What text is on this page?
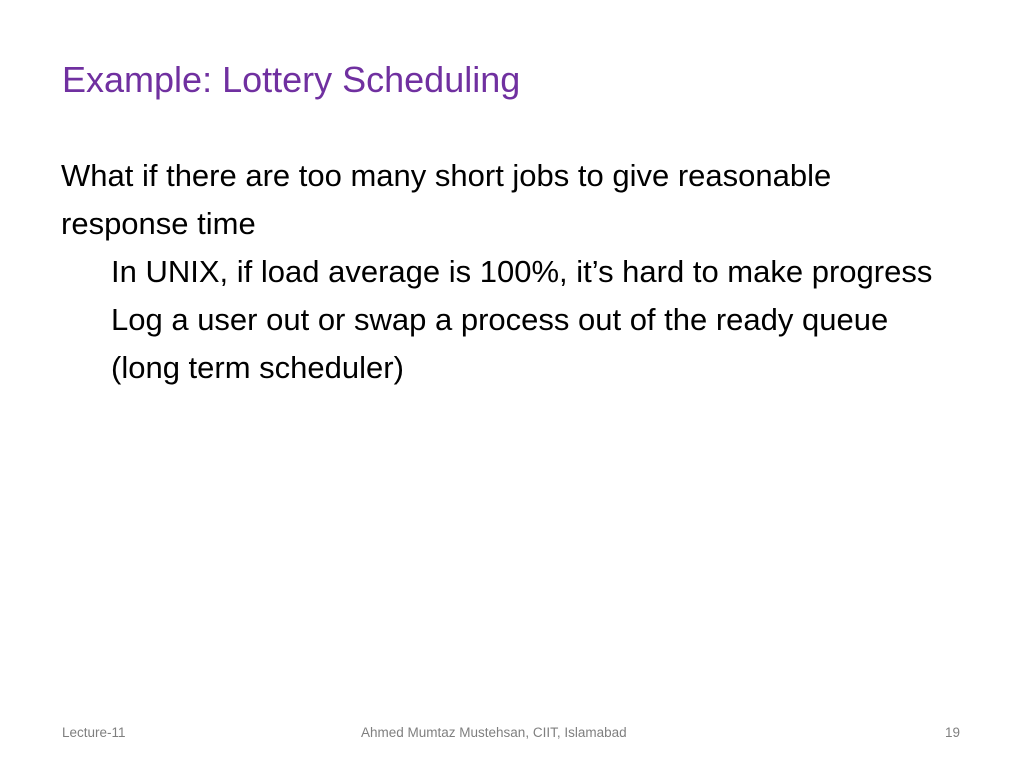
Example: Lottery Scheduling

What if there are too many short jobs to give reasonable response time

In UNIX, if load average is 100%, it’s hard to make progress

Log a user out or swap a process out of the ready queue (long term scheduler)

Lecture-11	Ahmed Mumtaz Mustehsan, CIIT, Islamabad	19
